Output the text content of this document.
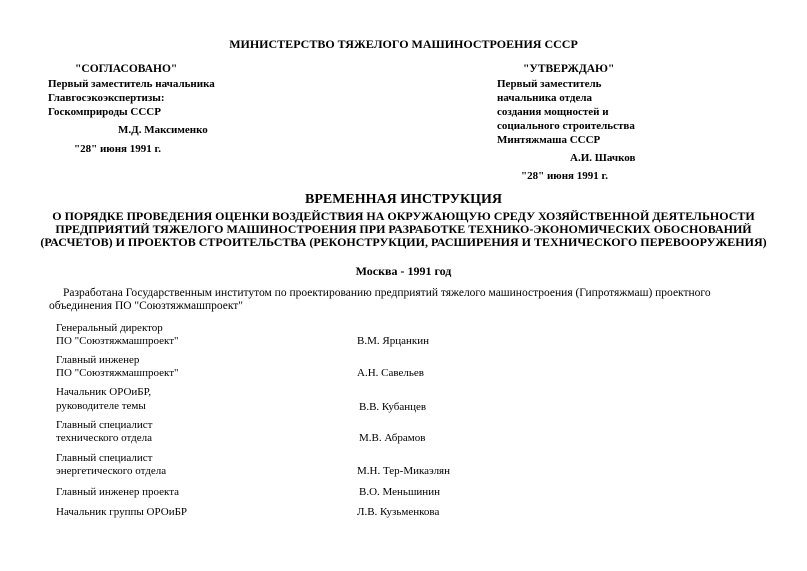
МИНИСТЕРСТВО ТЯЖЕЛОГО МАШИНОСТРОЕНИЯ СССР
"СОГЛАСОВАНО"
Первый заместитель начальника
Главгосэкоэкспертизы:
Госкомприроды СССР
М.Д. Максименко
"28" июня 1991 г.
"УТВЕРЖДАЮ"
Первый заместитель
начальника отдела
создания мощностей и
социального строительства
Минтяжмаша СССР
А.И. Шачков
"28" июня 1991 г.
ВРЕМЕННАЯ ИНСТРУКЦИЯ
О ПОРЯДКЕ ПРОВЕДЕНИЯ ОЦЕНКИ ВОЗДЕЙСТВИЯ НА ОКРУЖАЮЩУЮ СРЕДУ ХОЗЯЙСТВЕННОЙ ДЕЯТЕЛЬНОСТИ ПРЕДПРИЯТИЙ ТЯЖЕЛОГО МАШИНОСТРОЕНИЯ ПРИ РАЗРАБОТКЕ ТЕХНИКО-ЭКОНОМИЧЕСКИХ ОБОСНОВАНИЙ (РАСЧЕТОВ) И ПРОЕКТОВ СТРОИТЕЛЬСТВА (РЕКОНСТРУКЦИИ, РАСШИРЕНИЯ И ТЕХНИЧЕСКОГО ПЕРЕВООРУЖЕНИЯ)
Москва - 1991 год
Разработана Государственным институтом по проектированию предприятий тяжелого машиностроения (Гипротяжмаш) проектного объединения ПО "Союзтяжмашпроект"
Генеральный директор
ПО "Союзтяжмашпроект"	В.М. Ярцанкин
Главный инженер
ПО "Союзтяжмашпроект"	А.Н. Савельев
Начальник ОРОиБР,
руководителе темы	В.В. Кубанцев
Главный специалист
технического отдела	М.В. Абрамов
Главный специалист
энергетического отдела	М.Н. Тер-Микаэлян
Главный инженер проекта	В.О. Меньшинин
Начальник группы ОРОиБР	Л.В. Кузьменкова
